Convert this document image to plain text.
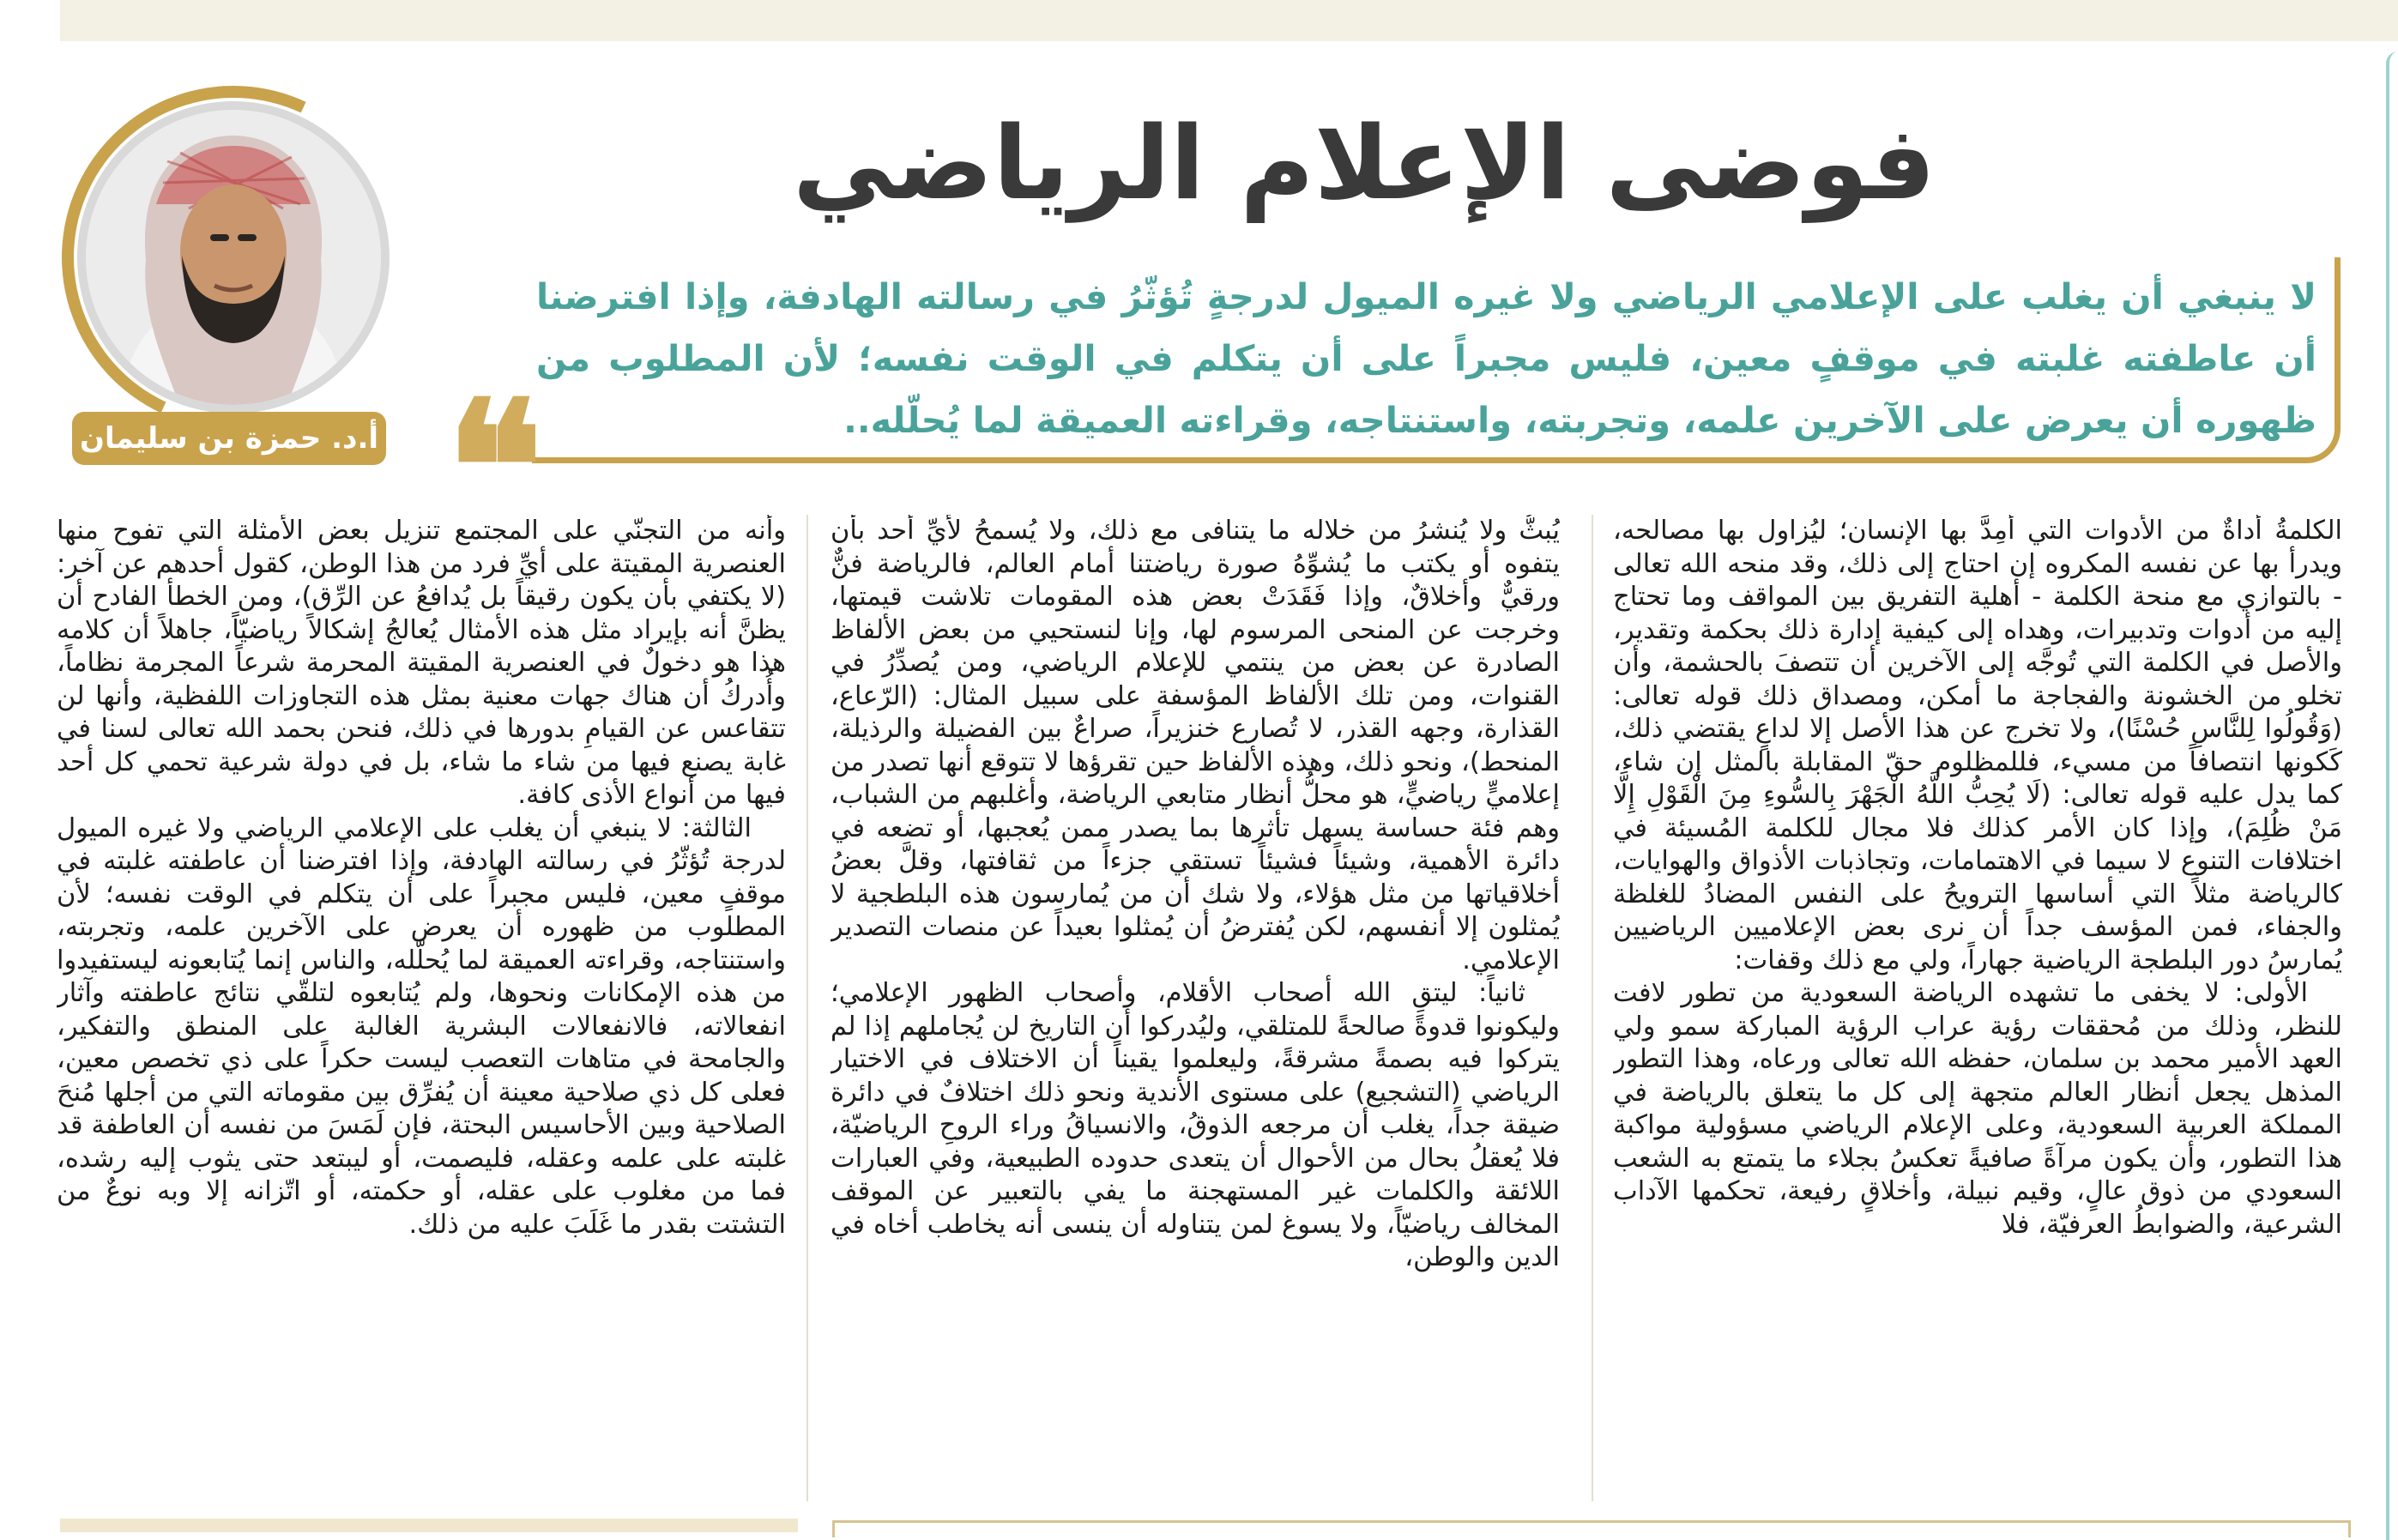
فوضى الإعلام الرياضي
لا ينبغي أن يغلب على الإعلامي الرياضي ولا غيره الميول لدرجةٍ تُؤثّرُ في رسالته الهادفة، وإذا افترضنا أن عاطفته غلبته في موقفٍ معين، فليس مجبراً على أن يتكلم في الوقت نفسه؛ لأن المطلوب من ظهوره أن يعرض على الآخرين علمه، وتجربته، واستنتاجه، وقراءته العميقة لما يُحلّله..
❝
أ.د. حمزة بن سليمان الطيار

الكلمةُ أداةٌ من الأدوات التي أُمِدَّ بها الإنسان؛ ليُزاول بها مصالحه، ويدرأ بها عن نفسه المكروه إن احتاج إلى ذلك، وقد منحه الله تعالى - بالتوازي مع منحة الكلمة - أهلية التفريق بين المواقف وما تحتاج إليه من أدوات وتدبيرات، وهداه إلى كيفية إدارة ذلك بحكمة وتقدير، والأصل في الكلمة التي تُوجَّه إلى الآخرين أن تتصفَ بالحشمة، وأن تخلو من الخشونة والفجاجة ما أمكن، ومصداق ذلك قوله تعالى: (وَقُولُوا لِلنَّاسِ حُسْنًا)، ولا تخرج عن هذا الأصل إلا لداعٍ يقتضي ذلك، كَكونها انتصافاً من مسيء، فللمظلوم حقّ المقابلة بالمثل إن شاء، كما يدل عليه قوله تعالى: (لَا يُحِبُّ اللَّهُ الْجَهْرَ بِالسُّوءِ مِنَ الْقَوْلِ إِلَّا مَنْ ظُلِمَ)، وإذا كان الأمر كذلك فلا مجال للكلمة المُسيئة في اختلافات التنوع لا سيما في الاهتمامات، وتجاذبات الأذواق والهوايات، كالرياضة مثلاً التي أساسها الترويحُ على النفس المضادُ للغلظة والجفاء، فمن المؤسف جداً أن نرى بعض الإعلاميين الرياضيين يُمارسُ دور البلطجة الرياضية جهاراً، ولي مع ذلك وقفات:

الأولى: لا يخفى ما تشهده الرياضة السعودية من تطور لافت للنظر، وذلك من مُحققات رؤية عراب الرؤية المباركة سمو ولي العهد الأمير محمد بن سلمان، حفظه الله تعالى ورعاه، وهذا التطور المذهل يجعل أنظار العالم متجهة إلى كل ما يتعلق بالرياضة في المملكة العربية السعودية، وعلى الإعلام الرياضي مسؤولية مواكبة هذا التطور، وأن يكون مرآةً صافيةً تعكسُ بجلاء ما يتمتع به الشعب السعودي من ذوق عالٍ، وقيم نبيلة، وأخلاقٍ رفيعة، تحكمها الآداب الشرعية، والضوابطُ العرفيّة، فلا

يُبثُّ ولا يُنشرُ من خلاله ما يتنافى مع ذلك، ولا يُسمحُ لأيِّ أحد بأن يتفوه أو يكتب ما يُشوِّهُ صورة رياضتنا أمام العالم، فالرياضة فنٌّ ورقيٌّ وأخلاقٌ، وإذا فَقَدَتْ بعض هذه المقومات تلاشت قيمتها، وخرجت عن المنحى المرسوم لها، وإنا لنستحيي من بعض الألفاظ الصادرة عن بعض من ينتمي للإعلام الرياضي، ومن يُصدِّرُ في القنوات، ومن تلك الألفاظ المؤسفة على سبيل المثال: (الرّعاع، القذارة، وجهه القذر، لا تُصارع خنزيراً، صراعٌ بين الفضيلة والرذيلة، المنحط)، ونحو ذلك، وهذه الألفاظ حين تقرؤها لا تتوقع أنها تصدر من إعلاميٍّ رياضيٍّ، هو محلُّ أنظار متابعي الرياضة، وأغلبهم من الشباب، وهم فئة حساسة يسهل تأثرها بما يصدر ممن يُعجبها، أو تضعه في دائرة الأهمية، وشيئاً فشيئاً تستقي جزءاً من ثقافتها، وقلَّ بعضُ أخلاقياتها من مثل هؤلاء، ولا شك أن من يُمارسون هذه البلطجية لا يُمثلون إلا أنفسهم، لكن يُفترضُ أن يُمثلوا بعيداً عن منصات التصدير الإعلامي.

ثانياً: ليتقِ الله أصحاب الأقلام، وأصحاب الظهور الإعلامي؛ وليكونوا قدوةً صالحةً للمتلقي، وليُدركوا أن التاريخ لن يُجاملهم إذا لم يتركوا فيه بصمةً مشرقةً، وليعلموا يقيناً أن الاختلاف في الاختيار الرياضي (التشجيع) على مستوى الأندية ونحو ذلك اختلافٌ في دائرة ضيقة جداً، يغلب أن مرجعه الذوقُ، والانسياقُ وراء الروحِ الرياضيّة، فلا يُعقلُ بحال من الأحوال أن يتعدى حدوده الطبيعية، وفي العبارات اللائقة والكلمات غير المستهجنة ما يفي بالتعبير عن الموقف المخالف رياضيّاً، ولا يسوغ لمن يتناوله أن ينسى أنه يخاطب أخاه في الدين والوطن،

وأنه من التجنّي على المجتمع تنزيل بعض الأمثلة التي تفوح منها العنصرية المقيتة على أيِّ فرد من هذا الوطن، كقول أحدهم عن آخر: (لا يكتفي بأن يكون رقيقاً بل يُدافعُ عن الرِّق)، ومن الخطأ الفادح أن يظنَّ أنه بإيراد مثل هذه الأمثال يُعالجُ إشكالاً رياضيّاً، جاهلاً أن كلامه هذا هو دخولٌ في العنصرية المقيتة المحرمة شرعاً المجرمة نظاماً، وأُدركُ أن هناك جهات معنية بمثل هذه التجاوزات اللفظية، وأنها لن تتقاعس عن القيامِ بدورها في ذلك، فنحن بحمد الله تعالى لسنا في غابة يصنع فيها من شاء ما شاء، بل في دولة شرعية تحمي كل أحد فيها من أنواع الأذى كافة.

الثالثة: لا ينبغي أن يغلب على الإعلامي الرياضي ولا غيره الميول لدرجة تُؤثّرُ في رسالته الهادفة، وإذا افترضنا أن عاطفته غلبته في موقفٍ معين، فليس مجبراً على أن يتكلم في الوقت نفسه؛ لأن المطلوب من ظهوره أن يعرض على الآخرين علمه، وتجربته، واستنتاجه، وقراءته العميقة لما يُحلّله، والناس إنما يُتابعونه ليستفيدوا من هذه الإمكانات ونحوها، ولم يُتابعوه لتلقّي نتائج عاطفته وآثار انفعالاته، فالانفعالات البشرية الغالبة على المنطق والتفكير، والجامحة في متاهات التعصب ليست حكراً على ذي تخصص معين، فعلى كل ذي صلاحية معينة أن يُفرِّق بين مقوماته التي من أجلها مُنحَ الصلاحية وبين الأحاسيس البحتة، فإن لَمَسَ من نفسه أن العاطفة قد غلبته على علمه وعقله، فليصمت، أو ليبتعد حتى يثوب إليه رشده، فما من مغلوب على عقله، أو حكمته، أو اتّزانه إلا وبه نوعٌ من التشتت بقدر ما غَلَبَ عليه من ذلك.
